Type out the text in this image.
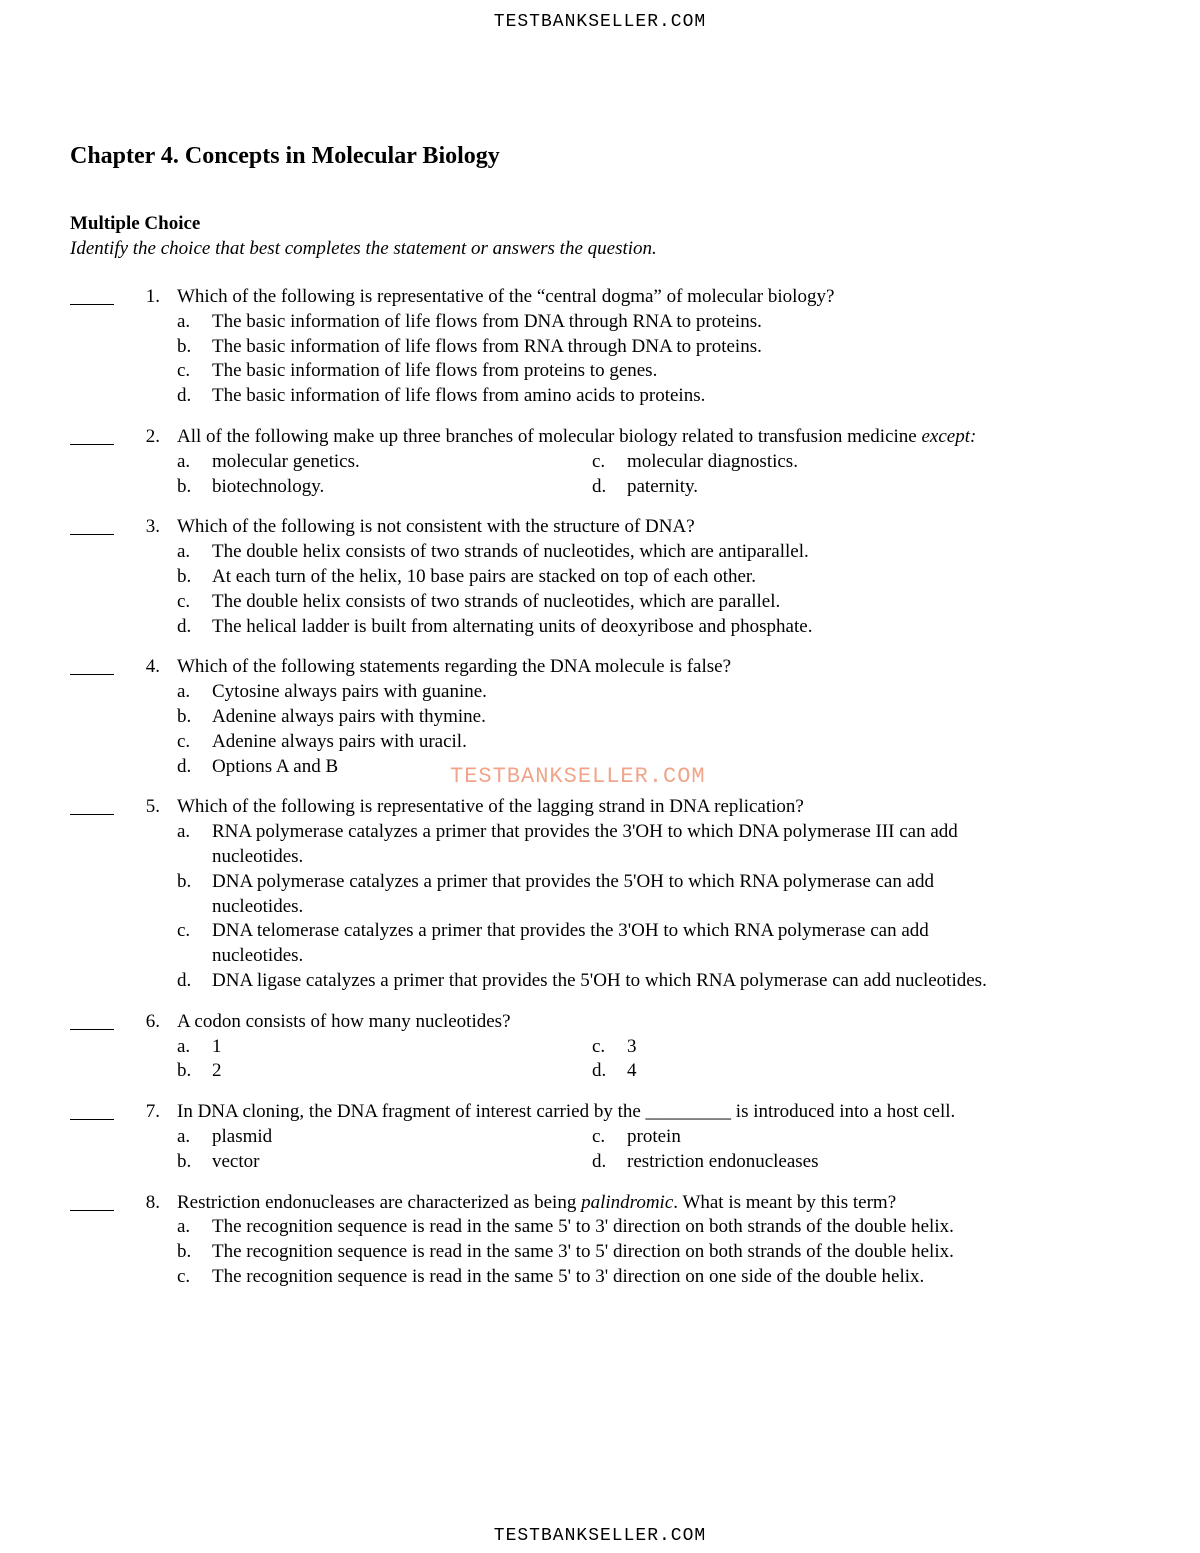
TESTBANKSELLER.COM
Chapter 4. Concepts in Molecular Biology
Multiple Choice
Identify the choice that best completes the statement or answers the question.
1. Which of the following is representative of the “central dogma” of molecular biology?
a. The basic information of life flows from DNA through RNA to proteins.
b. The basic information of life flows from RNA through DNA to proteins.
c. The basic information of life flows from proteins to genes.
d. The basic information of life flows from amino acids to proteins.
2. All of the following make up three branches of molecular biology related to transfusion medicine except:
a. molecular genetics.	c. molecular diagnostics.
b. biotechnology.	d. paternity.
3. Which of the following is not consistent with the structure of DNA?
a. The double helix consists of two strands of nucleotides, which are antiparallel.
b. At each turn of the helix, 10 base pairs are stacked on top of each other.
c. The double helix consists of two strands of nucleotides, which are parallel.
d. The helical ladder is built from alternating units of deoxyribose and phosphate.
4. Which of the following statements regarding the DNA molecule is false?
a. Cytosine always pairs with guanine.
b. Adenine always pairs with thymine.
c. Adenine always pairs with uracil.
d. Options A and B
5. Which of the following is representative of the lagging strand in DNA replication?
a. RNA polymerase catalyzes a primer that provides the 3'OH to which DNA polymerase III can add nucleotides.
b. DNA polymerase catalyzes a primer that provides the 5'OH to which RNA polymerase can add nucleotides.
c. DNA telomerase catalyzes a primer that provides the 3'OH to which RNA polymerase can add nucleotides.
d. DNA ligase catalyzes a primer that provides the 5'OH to which RNA polymerase can add nucleotides.
6. A codon consists of how many nucleotides?
a. 1	c. 3
b. 2	d. 4
7. In DNA cloning, the DNA fragment of interest carried by the _________ is introduced into a host cell.
a. plasmid	c. protein
b. vector	d. restriction endonucleases
8. Restriction endonucleases are characterized as being palindromic. What is meant by this term?
a. The recognition sequence is read in the same 5' to 3' direction on both strands of the double helix.
b. The recognition sequence is read in the same 3' to 5' direction on both strands of the double helix.
c. The recognition sequence is read in the same 5' to 3' direction on one side of the double helix.
TESTBANKSELLER.COM
TESTBANKSELLER.COM
